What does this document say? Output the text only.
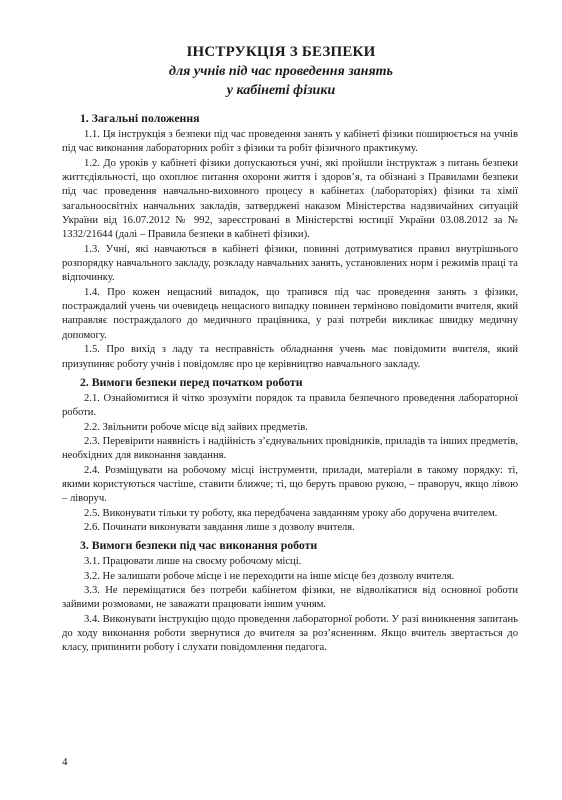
ІНСТРУКЦІЯ З БЕЗПЕКИ
для учнів під час проведення занять
у кабінеті фізики
1. Загальні положення

1.1. Ця інструкція з безпеки під час проведення занять у кабінеті фізики поширюється на учнів під час виконання лабораторних робіт з фізики та робіт фізичного практикуму.

1.2. До уроків у кабінеті фізики допускаються учні, які пройшли інструктаж з питань безпеки життєдіяльності, що охоплює питання охорони життя і здоров’я, та обізнані з Правилами безпеки під час проведення навчально-виховного процесу в кабінетах (лабораторіях) фізики та хімії загальноосвітніх навчальних закладів, затверджені наказом Міністерства надзвичайних ситуацій України від 16.07.2012 № 992, зареєстровані в Міністерстві юстиції України 03.08.2012 за № 1332/21644 (далі – Правила безпеки в кабінеті фізики).

1.3. Учні, які навчаються в кабінеті фізики, повинні дотримуватися правил внутрішнього розпорядку навчального закладу, розкладу навчальних занять, установлених норм і режимів праці та відпочинку.

1.4. Про кожен нещасний випадок, що трапився під час проведення занять з фізики, постраждалий учень чи очевидець нещасного випадку повинен терміново повідомити вчителя, який направляє постраждалого до медичного працівника, у разі потреби викликає швидку медичну допомогу.

1.5. Про вихід з ладу та несправність обладнання учень має повідомити вчителя, який призупиняє роботу учнів і повідомляє про це керівництво навчального закладу.

2. Вимоги безпеки перед початком роботи

2.1. Ознайомитися й чітко зрозуміти порядок та правила безпечного проведення лабораторної роботи.

2.2. Звільнити робоче місце від зайвих предметів.

2.3. Перевірити наявність і надійність з’єднувальних провідників, приладів та інших предметів, необхідних для виконання завдання.

2.4. Розміщувати на робочому місці інструменти, прилади, матеріали в такому порядку: ті, якими користуються частіше, ставити ближче; ті, що беруть правою рукою, – праворуч, якщо лівою – ліворуч.

2.5. Виконувати тільки ту роботу, яка передбачена завданням уроку або доручена вчителем.

2.6. Починати виконувати завдання лише з дозволу вчителя.

3. Вимоги безпеки під час виконання роботи

3.1. Працювати лише на своєму робочому місці.

3.2. Не залишати робоче місце і не переходити на інше місце без дозволу вчителя.

3.3. Не переміщатися без потреби кабінетом фізики, не відволікатися від основної роботи зайвими розмовами, не заважати працювати іншим учням.

3.4. Виконувати інструкцію щодо проведення лабораторної роботи. У разі виникнення запитань до ходу виконання роботи звернутися до вчителя за роз’ясненням. Якщо вчитель звертається до класу, припинити роботу і слухати повідомлення педагога.

4
